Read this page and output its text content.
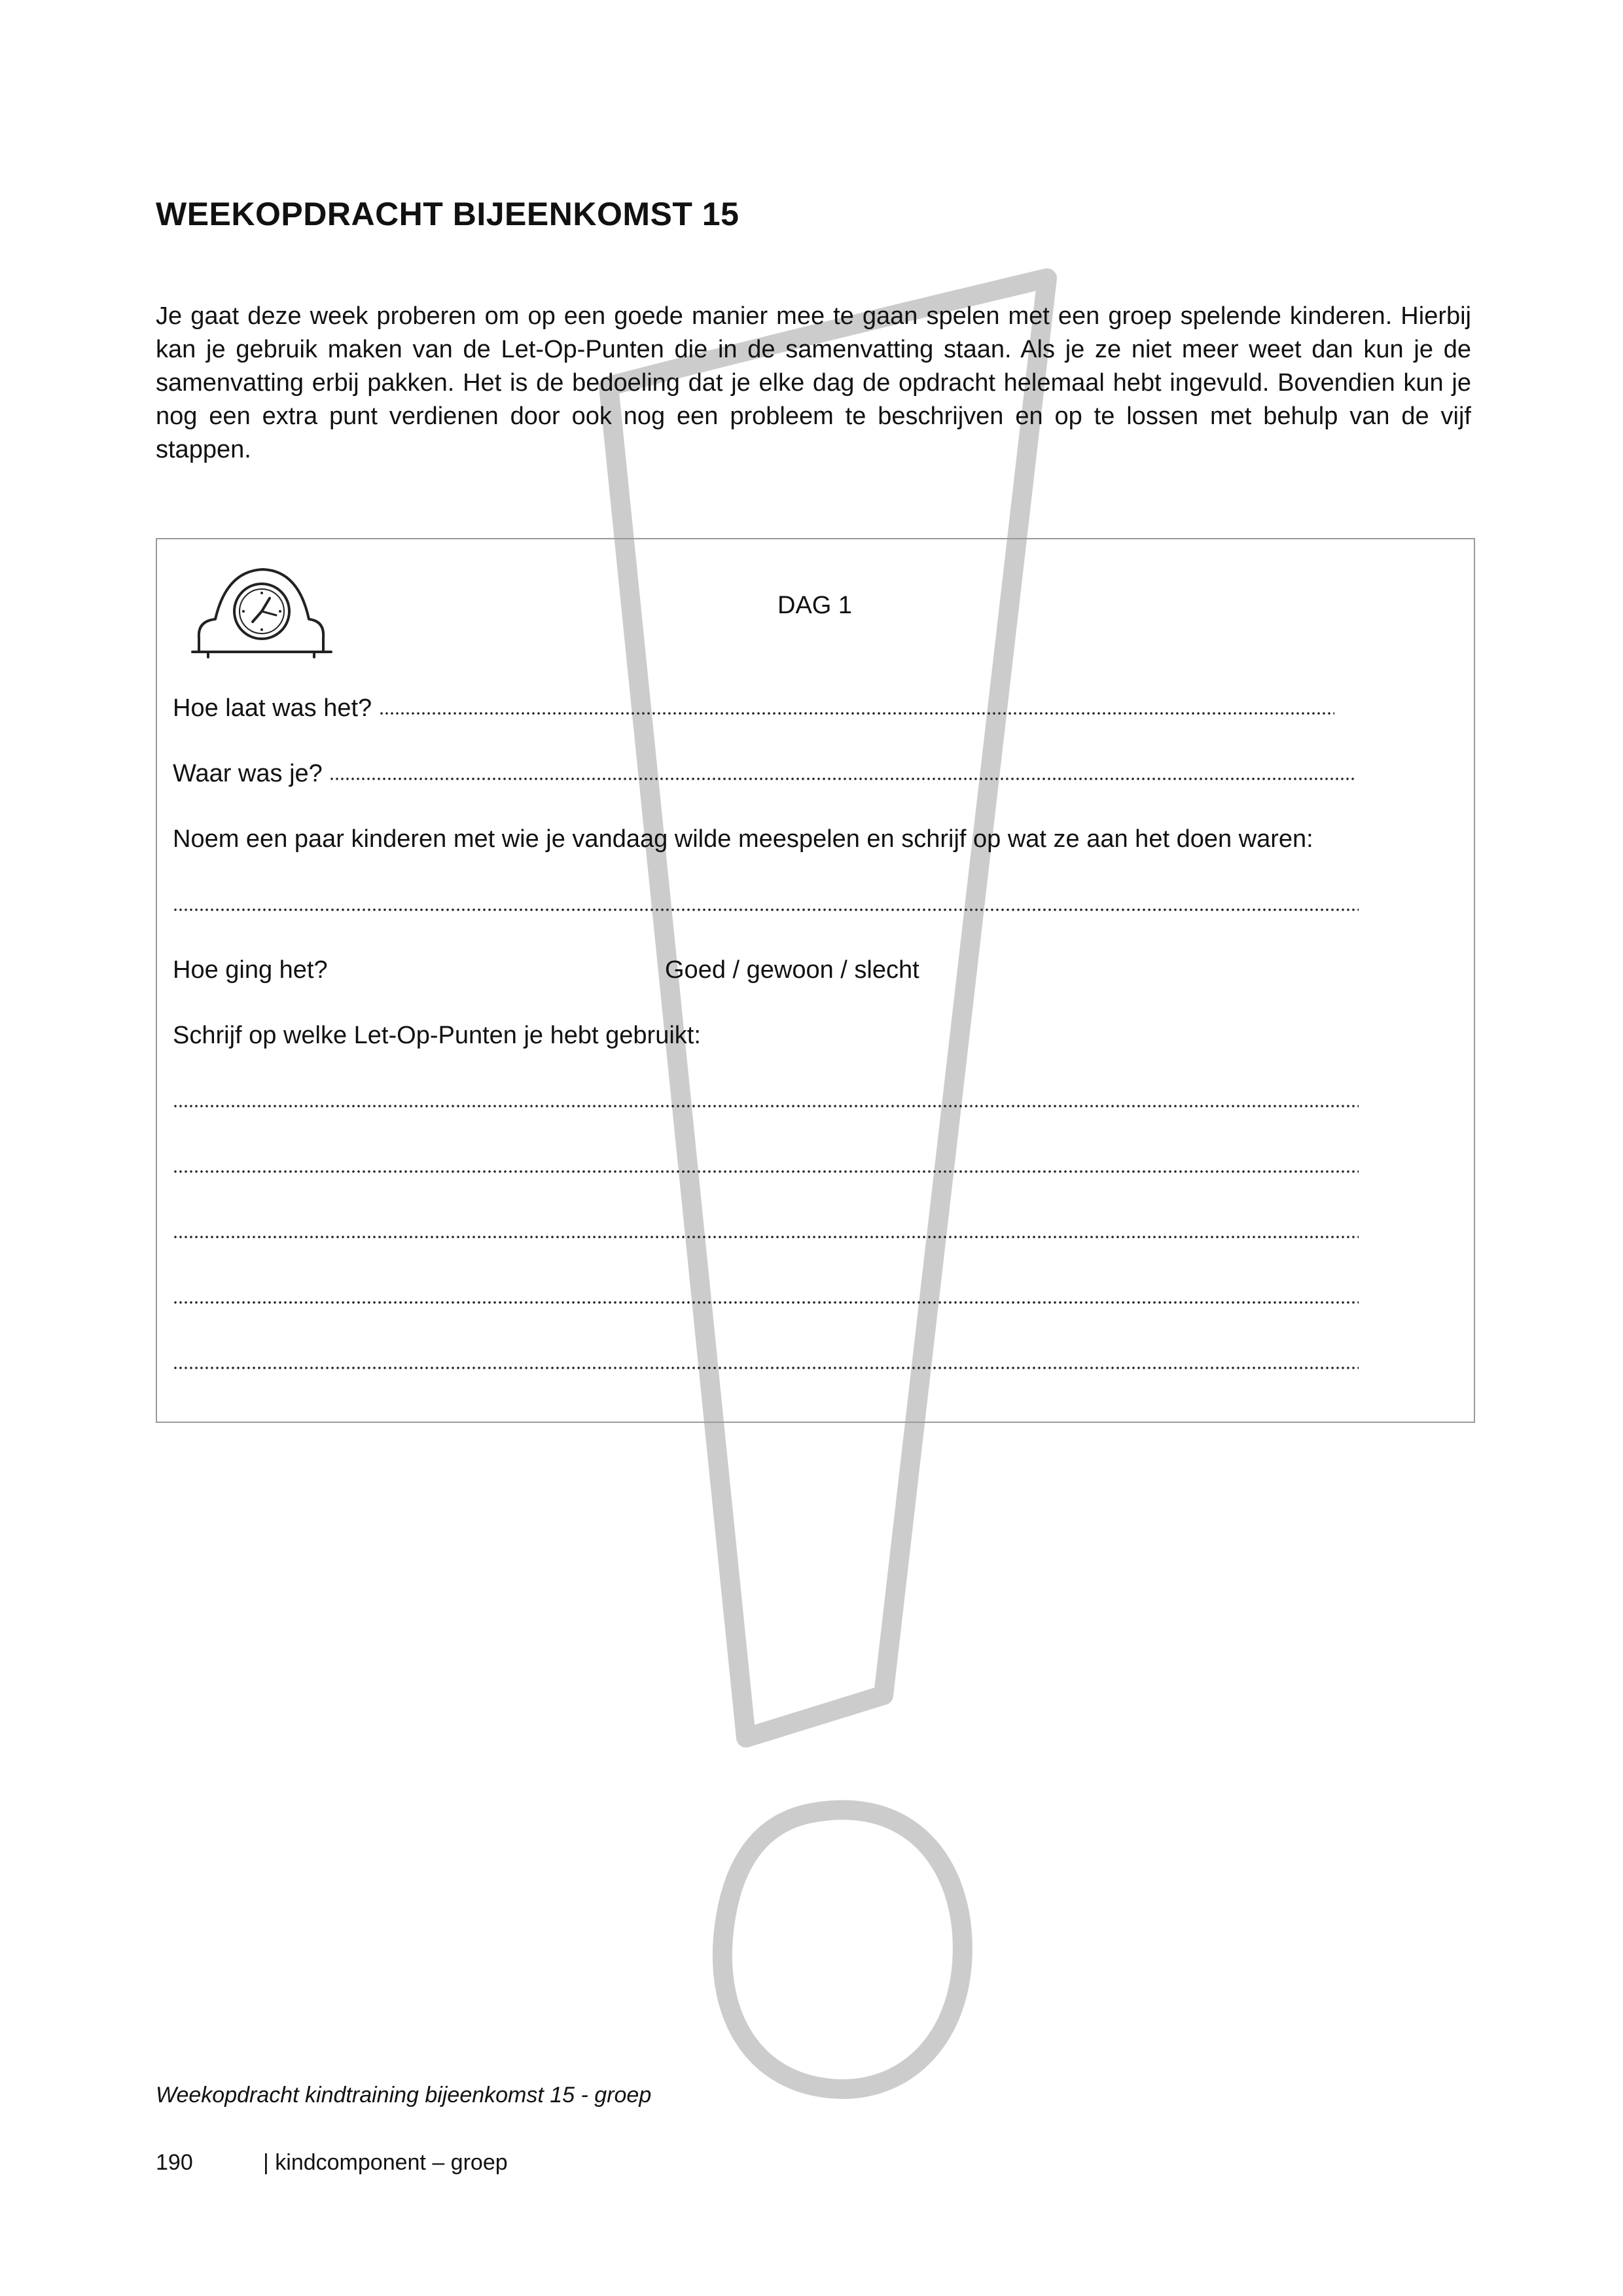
WEEKOPDRACHT BIJEENKOMST 15

Je gaat deze week proberen om op een goede manier mee te gaan spelen met een groep spelende kinderen. Hierbij kan je gebruik maken van de Let-Op-Punten die in de samenvatting staan. Als je ze niet meer weet dan kun je de samenvatting erbij pakken. Het is de bedoeling dat je elke dag de opdracht helemaal hebt ingevuld. Bovendien kun je nog een extra punt verdienen door ook nog een probleem te beschrijven en op te lossen met behulp van de vijf stappen.

DAG 1
Hoe laat was het?
Waar was je?
Noem een paar kinderen met wie je vandaag wilde meespelen en schrijf op wat ze aan het doen waren:
Hoe ging het?	Goed / gewoon / slecht
Schrijf op welke Let-Op-Punten je hebt gebruikt:
Weekopdracht kindtraining bijeenkomst 15 - groep
190	| kindcomponent – groep
